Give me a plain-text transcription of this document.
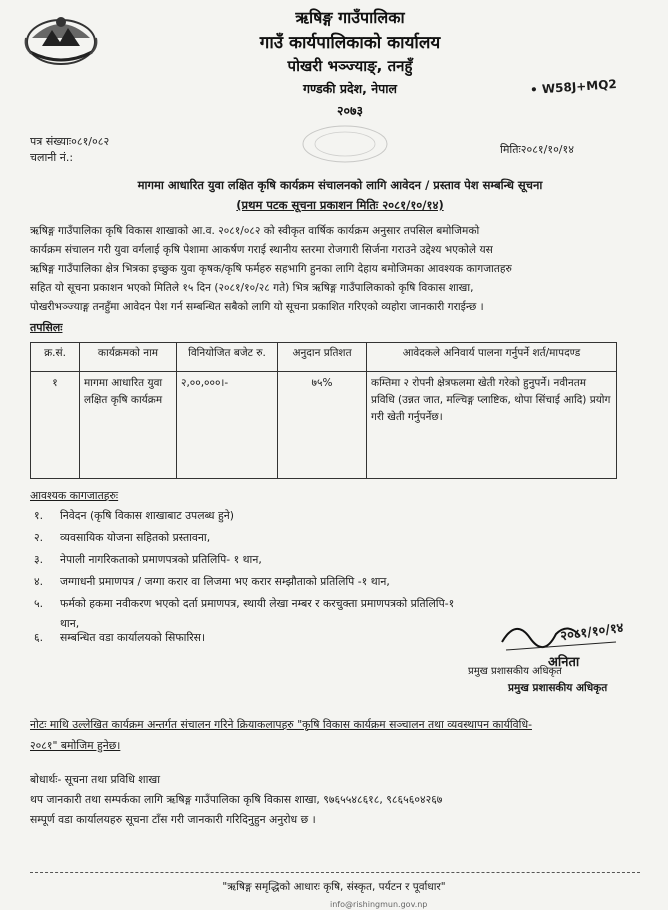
ऋषिङ्ग गाउँपालिका
गाउँ कार्यपालिकाको कार्यालय
पोखरी भञ्ज्याङ्, तनहुँ
गण्डकी प्रदेश, नेपाल
२०७३
• W58J+MQ2
पत्र संख्याः०८१/०८२
चलानी नं.:
मितिः२०८१/१०/१४
मागमा आधारित युवा लक्षित कृषि कार्यक्रम संचालनको लागि आवेदन / प्रस्ताव पेश सम्बन्धि सूचना
(प्रथम पटक सूचना प्रकाशन मितिः २०८१/१०/१४)
ऋषिङ्ग गाउँपालिका कृषि विकास शाखाको आ.व. २०८१/०८२ को स्वीकृत वार्षिक कार्यक्रम अनुसार तपसिल बमोजिमको
कार्यक्रम संचालन गरी युवा वर्गलाई कृषि पेशामा आकर्षण गराई स्थानीय स्तरमा रोजगारी सिर्जना गराउने उद्देश्य भएकोले यस
ऋषिङ्ग गाउँपालिका क्षेत्र भित्रका इच्छुक युवा कृषक/कृषि फर्महरु सहभागि हुनका लागि देहाय बमोजिमका आवश्यक कागजातहरु
सहित यो सूचना प्रकाशन भएको मितिले १५ दिन (२०८१/१०/२८ गते) भित्र ऋषिङ्ग गाउँपालिकाको कृषि विकास शाखा,
पोखरीभञ्ज्याङ्ग तनहुँमा आवेदन पेश गर्न सम्बन्धित सबैको लागि यो सूचना प्रकाशित गरिएको व्यहोरा जानकारी गराईन्छ ।
तपसिलः
क्र.सं.	कार्यक्रमको नाम	विनियोजित बजेट रु.	अनुदान प्रतिशत	आवेदकले अनिवार्य पालना गर्नुपर्ने शर्त/मापदण्ड
१	मागमा आधारित युवा लक्षित कृषि कार्यक्रम	२,००,०००।-	७५%	कम्तिमा २ रोपनी क्षेत्रफलमा खेती गरेको हुनुपर्ने। नवीनतम प्रविधि (उन्नत जात, मल्चिङ्ग प्लाष्टिक, थोपा सिंचाई आदि) प्रयोग गरी खेती गर्नुपर्नेछ।
आवश्यक कागजातहरुः
१. निवेदन (कृषि विकास शाखाबाट उपलब्ध हुने)
२. व्यवसायिक योजना सहितको प्रस्तावना,
३. नेपाली नागरिकताको प्रमाणपत्रको प्रतिलिपि- १ थान,
४. जग्गाधनी प्रमाणपत्र / जग्गा करार वा लिजमा भए करार सम्झौताको प्रतिलिपि -१ थान,
५. फर्मको हकमा नवीकरण भएको दर्ता प्रमाणपत्र, स्थायी लेखा नम्बर र करचुक्ता प्रमाणपत्रको प्रतिलिपि-१
थान,
६. सम्बन्धित वडा कार्यालयको सिफारिस।	२०८१/१०/१४
अनिता
प्रमुख प्रशासकीय अधिकृत
प्रमुख प्रशासकीय अधिकृत
नोटः माथि उल्लेखित कार्यक्रम अन्तर्गत संचालन गरिने क्रियाकलापहरु "कृषि विकास कार्यक्रम सञ्चालन तथा व्यवस्थापन कार्यविधि-
२०८१" बमोजिम हुनेछ।
बोधार्थः- सूचना तथा प्रविधि शाखा
थप जानकारी तथा सम्पर्कका लागि ऋषिङ्ग गाउँपालिका कृषि विकास शाखा, ९७६५५४८६१८, ९८६५६०४२६७
सम्पूर्ण वडा कार्यालयहरु सूचना टाँस गरी जानकारी गरिदिनुहुन अनुरोध छ ।
"ऋषिङ्ग समृद्धिको आधारः कृषि, संस्कृत, पर्यटन र पूर्वाधार"
info@rishingmun.gov.np
